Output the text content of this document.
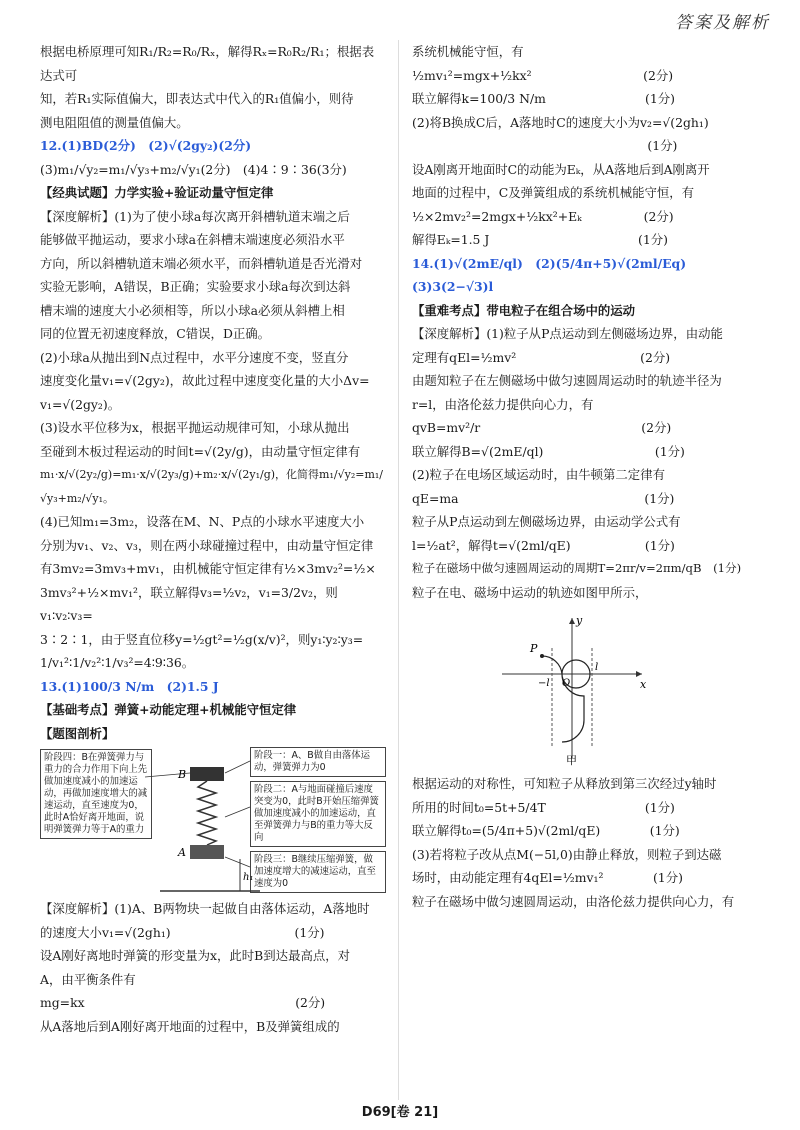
答案及解析

根据电桥原理可知R₁/R₂=R₀/Rₓ，解得Rₓ=R₀R₂/R₁；根据表达式可

知，若R₁实际值偏大，即表达式中代入的R₁值偏小，则待

测电阻阻值的测量值偏大。

12.(1)BD(2分)　(2)√(2gy₂)(2分)

(3)m₁/√y₂=m₁/√y₃+m₂/√y₁(2分)　(4)4∶9∶36(3分)

【经典试题】力学实验+验证动量守恒定律

【深度解析】(1)为了使小球a每次离开斜槽轨道末端之后

能够做平抛运动，要求小球a在斜槽末端速度必须沿水平

方向，所以斜槽轨道末端必须水平，而斜槽轨道是否光滑对

实验无影响，A错误，B正确；实验要求小球a每次到达斜

槽末端的速度大小必须相等，所以小球a必须从斜槽上相

同的位置无初速度释放，C错误，D正确。

(2)小球a从抛出到N点过程中，水平分速度不变，竖直分

速度变化量v₁=√(2gy₂)，故此过程中速度变化量的大小Δv=

v₁=√(2gy₂)。

(3)设水平位移为x，根据平抛运动规律可知，小球从抛出

至碰到木板过程运动的时间t=√(2y/g)，由动量守恒定律有

m₁·x/√(2y₂/g)=m₁·x/√(2y₃/g)+m₂·x/√(2y₁/g)，化简得m₁/√y₂=m₁/√y₃+m₂/√y₁。

(4)已知m₁=3m₂，设落在M、N、P点的小球水平速度大小

分别为v₁、v₂、v₃，则在两小球碰撞过程中，由动量守恒定律

有3mv₂=3mv₃+mv₁，由机械能守恒定律有½×3mv₂²=½×

3mv₃²+½×mv₁²，联立解得v₃=½v₂，v₁=3/2v₂，则v₁∶v₂∶v₃=

3∶2∶1，由于竖直位移y=½gt²=½g(x/v)²，则y₁∶y₂∶y₃=

1/v₁²∶1/v₂²∶1/v₃²=4∶9∶36。

13.(1)100/3 N/m　(2)1.5 J

【基础考点】弹簧+动能定理+机械能守恒定律

【题图剖析】

阶段四：B在弹簧弹力与重力的合力作用下向上先做加速度减小的加速运动，再做加速度增大的减速运动，直至速度为0，此时A恰好离开地面，说明弹簧弹力等于A的重力
阶段一：A、B做自由落体运动，弹簧弹力为0
阶段二：A与地面碰撞后速度突变为0，此时B开始压缩弹簧做加速度减小的加速运动，直至弹簧弹力与B的重力等大反向
阶段三：B继续压缩弹簧，做加速度增大的减速运动，直至速度为0
B
A
h₁

【深度解析】(1)A、B两物块一起做自由落体运动，A落地时

的速度大小v₁=√(2gh₁)　　　　　　　　　　(1分)

设A刚好离地时弹簧的形变量为x，此时B到达最高点，对

A，由平衡条件有

mg=kx　　　　　　　　　　　　　　　　　(2分)

从A落地后到A刚好离开地面的过程中，B及弹簧组成的

系统机械能守恒，有

½mv₁²=mgx+½kx²　　　　　　　　　(2分)

联立解得k=100/3 N/m　　　　　　　　(1分)

(2)将B换成C后，A落地时C的速度大小为v₂=√(2gh₁)

　　　　　　　　　　　　　　　　　　　(1分)

设A刚离开地面时C的动能为Eₖ，从A落地后到A刚离开

地面的过程中，C及弹簧组成的系统机械能守恒，有

½×2mv₂²=2mgx+½kx²+Eₖ　　　　　(2分)

解得Eₖ=1.5 J　　　　　　　　　　　　(1分)

14.(1)√(2mE/ql)　(2)(5/4π+5)√(2ml/Eq)　(3)3(2−√3)l

【重难考点】带电粒子在组合场中的运动

【深度解析】(1)粒子从P点运动到左侧磁场边界，由动能

定理有qEl=½mv²　　　　　　　　　　(2分)

由题知粒子在左侧磁场中做匀速圆周运动时的轨迹半径为

r=l，由洛伦兹力提供向心力，有

qvB=mv²/r　　　　　　　　　　　　　(2分)

联立解得B=√(2mE/ql)　　　　　　　　　(1分)

(2)粒子在电场区域运动时，由牛顿第二定律有

qE=ma　　　　　　　　　　　　　　　(1分)

粒子从P点运动到左侧磁场边界，由运动学公式有

l=½at²，解得t=√(2ml/qE)　　　　　　(1分)

粒子在磁场中做匀速圆周运动的周期T=2πr/v=2πm/qB　(1分)

粒子在电、磁场中运动的轨迹如图甲所示，

P
−l O
l
x
y
甲

根据运动的对称性，可知粒子从释放到第三次经过y轴时

所用的时间t₀=5t+5/4T　　　　　　　　(1分)

联立解得t₀=(5/4π+5)√(2ml/qE)　　　　(1分)

(3)若将粒子改从点M(−5l,0)由静止释放，则粒子到达磁

场时，由动能定理有4qEl=½mv₁²　　　　(1分)

粒子在磁场中做匀速圆周运动，由洛伦兹力提供向心力，有

D69[卷 21]
